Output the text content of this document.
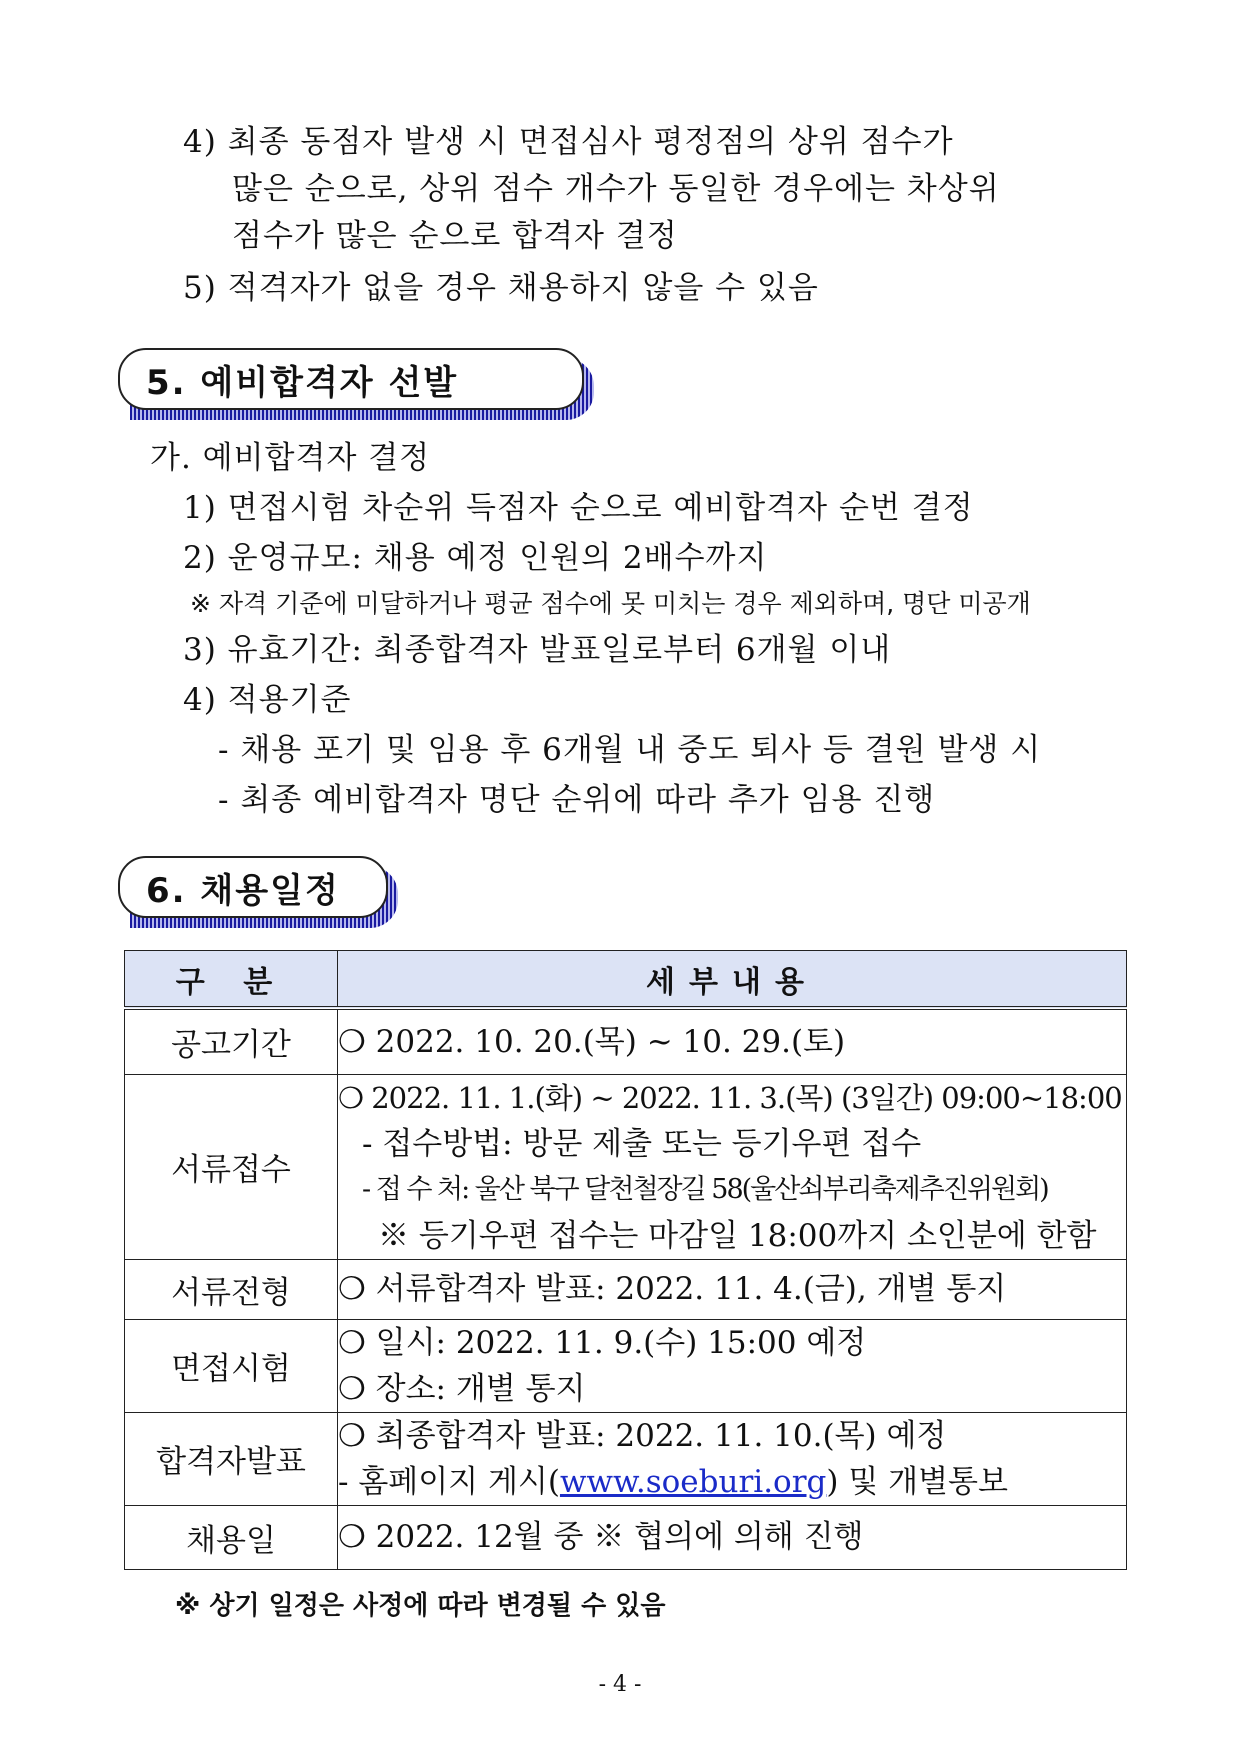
4) 최종 동점자 발생 시 면접심사 평정점의 상위 점수가
많은 순으로, 상위 점수 개수가 동일한 경우에는 차상위
점수가 많은 순으로 합격자 결정
5) 적격자가 없을 경우 채용하지 않을 수 있음
5. 예비합격자 선발
가. 예비합격자 결정
1) 면접시험 차순위 득점자 순으로 예비합격자 순번 결정
2) 운영규모: 채용 예정 인원의 2배수까지
※ 자격 기준에 미달하거나 평균 점수에 못 미치는 경우 제외하며, 명단 미공개
3) 유효기간: 최종합격자 발표일로부터 6개월 이내
4) 적용기준
- 채용 포기 및 임용 후 6개월 내 중도 퇴사 등 결원 발생 시
- 최종 예비합격자 명단 순위에 따라 추가 임용 진행
6. 채용일정
구 분	세부내용
공고기간	❍ 2022. 10. 20.(목) ~ 10. 29.(토)

서류접수	❍ 2022. 11. 1.(화) ~ 2022. 11. 3.(목) (3일간) 09:00~18:00
- 접수방법: 방문 제출 또는 등기우편 접수
- 접 수 처: 울산 북구 달천철장길 58(울산쇠부리축제추진위원회)
※ 등기우편 접수는 마감일 18:00까지 소인분에 한함

서류전형	❍ 서류합격자 발표: 2022. 11. 4.(금), 개별 통지

면접시험	❍ 일시: 2022. 11. 9.(수) 15:00 예정
❍ 장소: 개별 통지

합격자발표	❍ 최종합격자 발표: 2022. 11. 10.(목) 예정
- 홈페이지 게시(www.soeburi.org) 및 개별통보

채용일	❍ 2022. 12월 중 ※ 협의에 의해 진행
※ 상기 일정은 사정에 따라 변경될 수 있음
- 4 -
